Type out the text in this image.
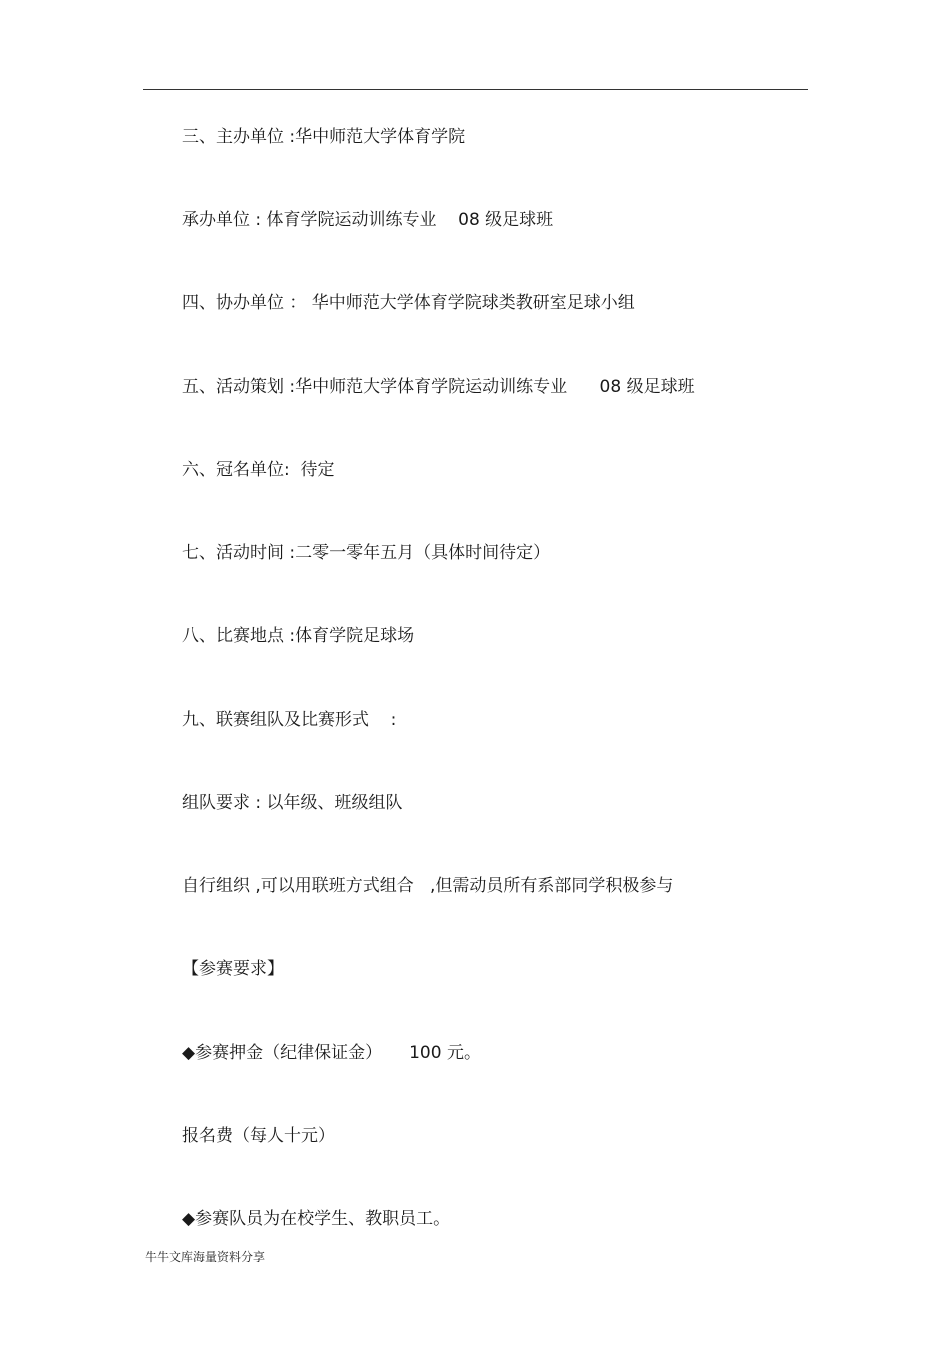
三、主办单位 :华中师范大学体育学院
承办单位 : 体育学院运动训练专业    08 级足球班
四、协办单位 ： 华中师范大学体育学院球类教研室足球小组
五、活动策划 :华中师范大学体育学院运动训练专业      08 级足球班
六、冠名单位:  待定
七、活动时间 :二零一零年五月（具体时间待定）
八、比赛地点 :体育学院足球场
九、联赛组队及比赛形式    :
组队要求 : 以年级、班级组队
自行组织 ,可以用联班方式组合   ,但需动员所有系部同学积极参与
【参赛要求】
◆参赛押金（纪律保证金）     100 元。
报名费（每人十元）
◆参赛队员为在校学生、教职员工。
牛牛文库海量资料分享
